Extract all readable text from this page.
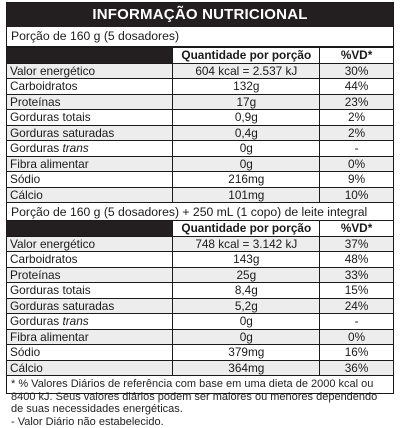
INFORMAÇÃO NUTRICIONAL
Porção de 160 g (5 dosadores)
	Quantidade por porção	%VD*
Valor energético	604 kcal = 2.537 kJ	30%
Carboidratos	132g	44%
Proteínas	17g	23%
Gorduras totais	0,9g	2%
Gorduras saturadas	0,4g	2%
Gorduras trans	0g	-
Fibra alimentar	0g	0%
Sódio	216mg	9%
Cálcio	101mg	10%
Porção de 160 g (5 dosadores) + 250 mL (1 copo) de leite integral
	Quantidade por porção	%VD*
Valor energético	748 kcal = 3.142 kJ	37%
Carboidratos	143g	48%
Proteínas	25g	33%
Gorduras totais	8,4g	15%
Gorduras saturadas	5,2g	24%
Gorduras trans	0g	-
Fibra alimentar	0g	0%
Sódio	379mg	16%
Cálcio	364mg	36%
* % Valores Diários de referência com base em uma dieta de 2000 kcal ou 8400 kJ. Seus valores diários podem ser maiores ou menores dependendo de suas necessidades energéticas.
- Valor Diário não estabelecido.
